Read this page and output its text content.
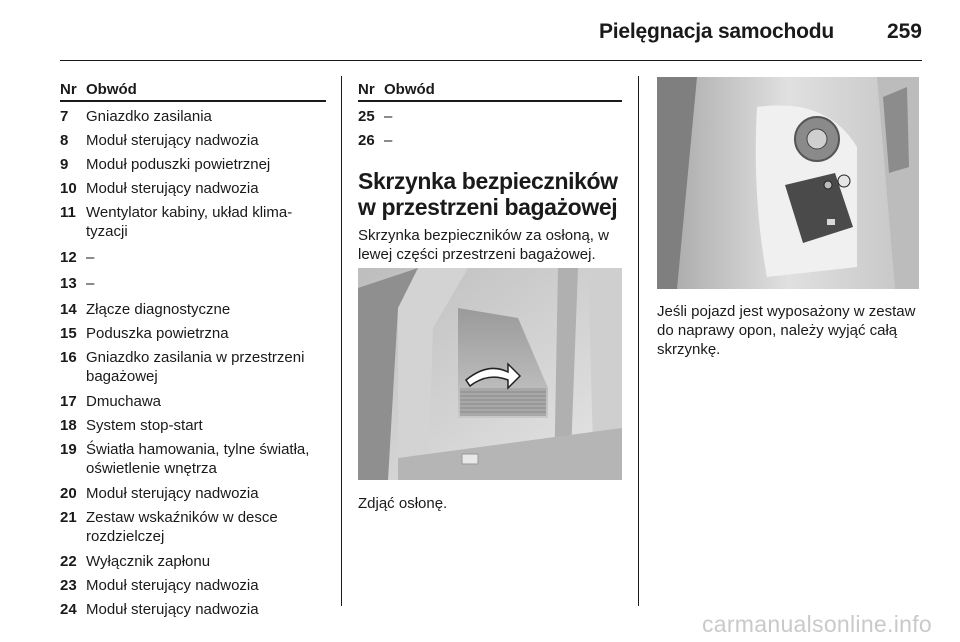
Pielęgnacja samochodu	259
Nr Obwód
7	Gniazdko zasilania
8	Moduł sterujący nadwozia
9	Moduł poduszki powietrznej
10 Moduł sterujący nadwozia
11 Wentylator kabiny, układ klima- tyzacji
12 –
13 –
14 Złącze diagnostyczne
15 Poduszka powietrzna
16 Gniazdko zasilania w przestrzeni bagażowej
17 Dmuchawa
18 System stop-start
19 Światła hamowania, tylne światła, oświetlenie wnętrza
20 Moduł sterujący nadwozia
21 Zestaw wskaźników w desce rozdzielczej
22 Wyłącznik zapłonu
23 Moduł sterujący nadwozia
24 Moduł sterujący nadwozia
Nr Obwód
25 –
26 –
Skrzynka bezpieczników w przestrzeni bagażowej
Skrzynka bezpieczników za osłoną, w lewej części przestrzeni bagażowej.
Zdjąć osłonę.
Jeśli pojazd jest wyposażony w zestaw do naprawy opon, należy wyjąć całą skrzynkę.
carmanualsonline.info
